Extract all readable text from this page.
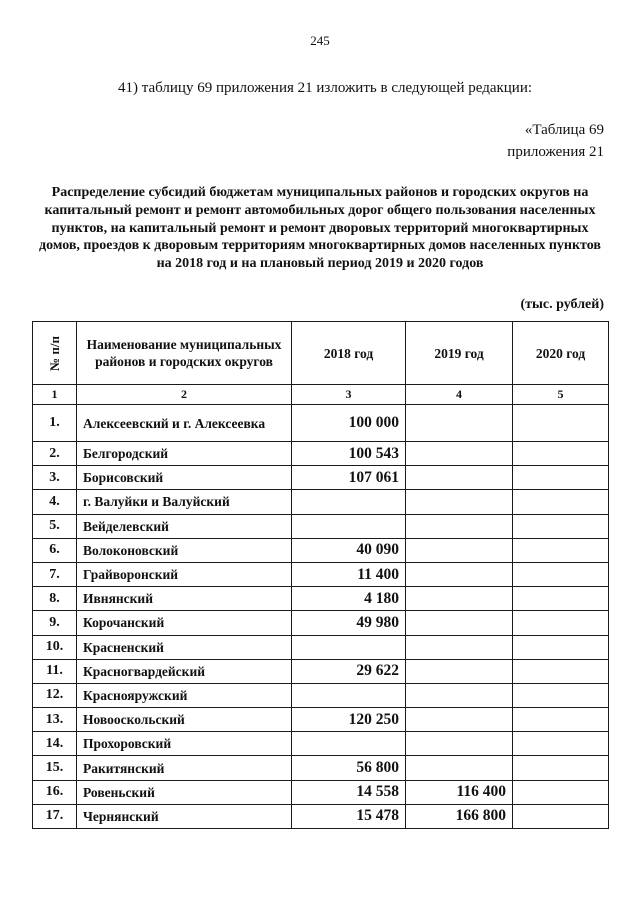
245
41) таблицу 69 приложения 21 изложить в следующей редакции:
«Таблица 69
приложения 21
Распределение субсидий бюджетам муниципальных районов и городских округов на капитальный ремонт и ремонт автомобильных дорог общего пользования населенных пунктов, на капитальный ремонт и ремонт дворовых территорий многоквартирных домов, проездов к дворовым территориям многоквартирных домов населенных пунктов на 2018 год и на плановый период 2019 и 2020 годов
(тыс. рублей)
№ п/п	Наименование муниципальных районов и городских округов	2018 год	2019 год	2020 год
1	2	3	4	5
1.	Алексеевский и г. Алексеевка	100 000		
2.	Белгородский	100 543		
3.	Борисовский	107 061		
4.	г. Валуйки и Валуйский			
5.	Вейделевский			
6.	Волоконовский	40 090		
7.	Грайворонский	11 400		
8.	Ивнянский	4 180		
9.	Корочанский	49 980		
10.	Красненский			
11.	Красногвардейский	29 622		
12.	Краснояружский			
13.	Новооскольский	120 250		
14.	Прохоровский			
15.	Ракитянский	56 800		
16.	Ровеньский	14 558	116 400	
17.	Чернянский	15 478	166 800	
